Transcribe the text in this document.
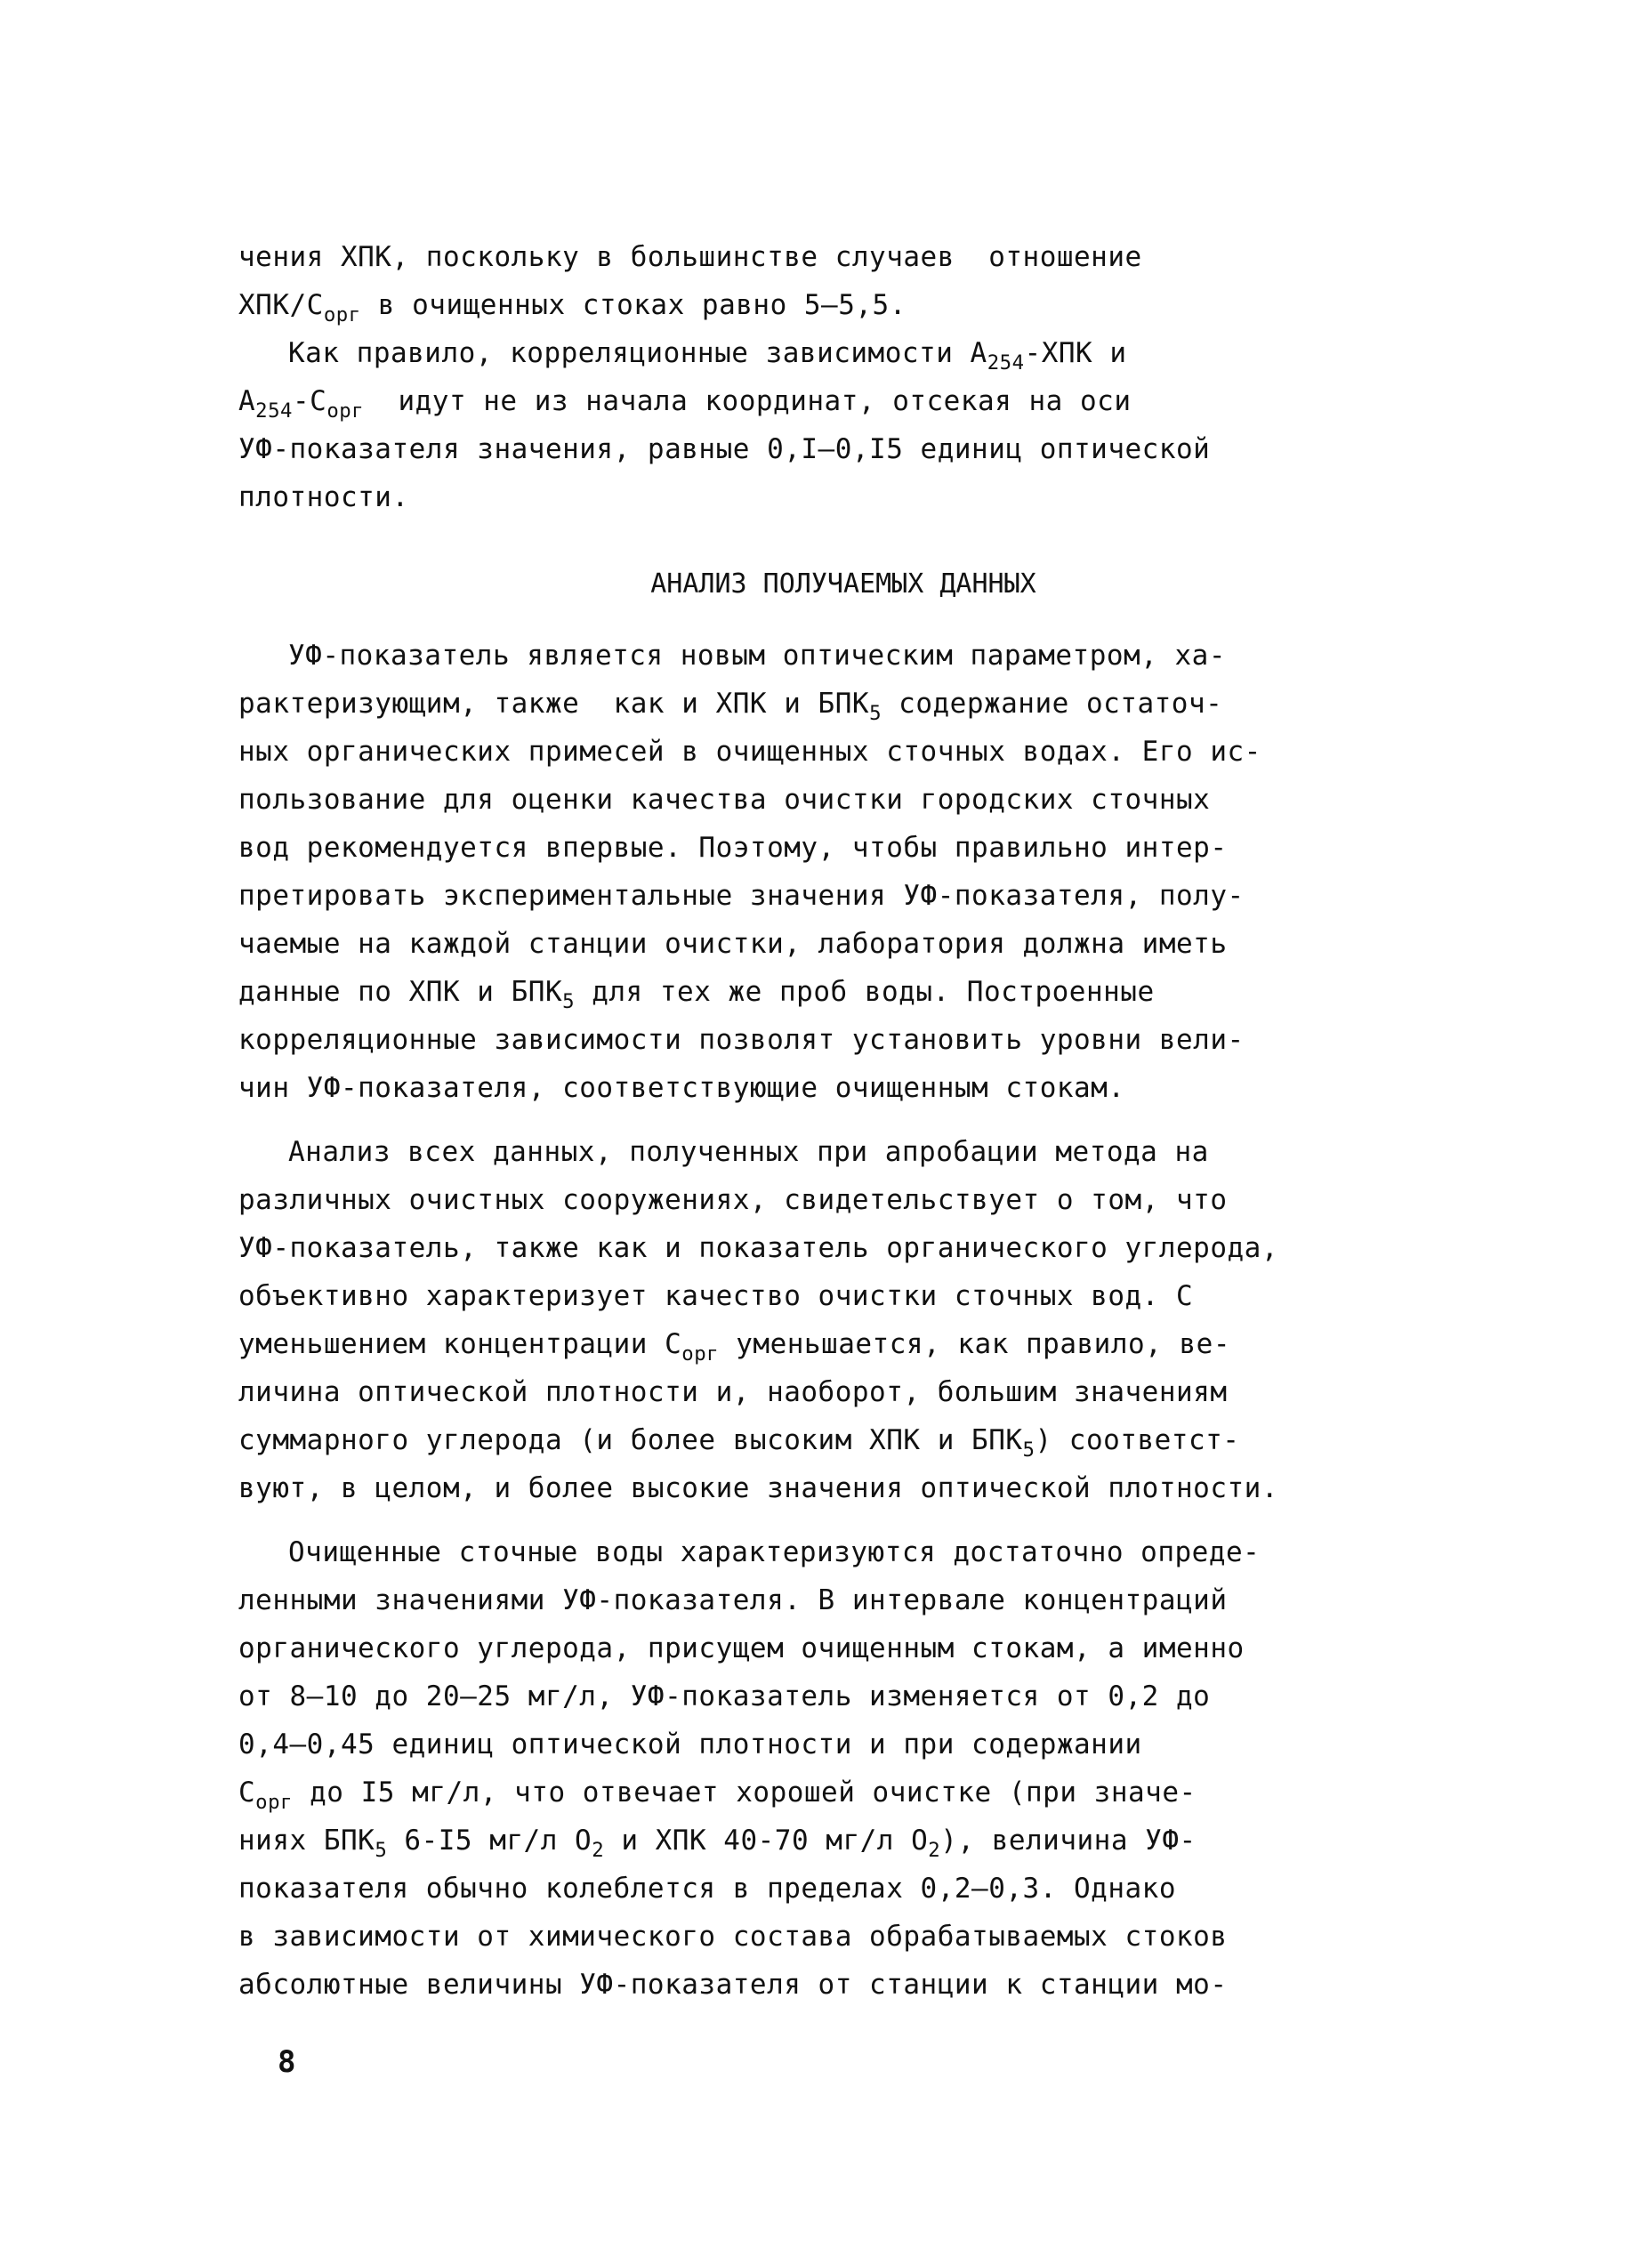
чения ХПК, поскольку в большинстве случаев  отношение
ХПК/$С_{орг}$ в очищенных стоках равно 5–5,5.
Как правило, корреляционные зависимости $А_{254}$-ХПК и
$А_{254}-С_{орг}$  идут не из начала координат, отсекая на оси
УФ-показателя значения, равные 0,I–0,I5 единиц оптической
плотности.
АНАЛИЗ ПОЛУЧАЕМЫХ ДАННЫХ
УФ-показатель является новым оптическим параметром, ха-
рактеризующим, также  как и ХПК и $БПК_5$ содержание остаточ-
ных органических примесей в очищенных сточных водах. Его ис-
пользование для оценки качества очистки городских сточных
вод рекомендуется впервые. Поэтому, чтобы правильно интер-
претировать экспериментальные значения УФ-показателя, полу-
чаемые на каждой станции очистки, лаборатория должна иметь
данные по ХПК и $БПК_5$ для тех же проб воды. Построенные
корреляционные зависимости позволят установить уровни вели-
чин УФ-показателя, соответствующие очищенным стокам.
Анализ всех данных, полученных при апробации метода на
различных очистных сооружениях, свидетельствует о том, что
УФ-показатель, также как и показатель органического углерода,
объективно характеризует качество очистки сточных вод. С
уменьшением концентрации $С_{орг}$ уменьшается, как правило, ве-
личина оптической плотности и, наоборот, большим значениям
суммарного углерода (и более высоким ХПК и $БПК_5$) соответст-
вуют, в целом, и более высокие значения оптической плотности.
Очищенные сточные воды характеризуются достаточно опреде-
ленными значениями УФ-показателя. В интервале концентраций
органического углерода, присущем очищенным стокам, а именно
от 8–10 до 20–25 мг/л, УФ-показатель изменяется от 0,2 до
0,4–0,45 единиц оптической плотности и при содержании
$С_{орг}$ до I5 мг/л, что отвечает хорошей очистке (при значе-
ниях $БПК_5$ 6-I5 мг/л $О_2$ и ХПК 40-70 мг/л $О_2$), величина УФ-
показателя обычно колеблется в пределах 0,2–0,3. Однако
в зависимости от химического состава обрабатываемых стоков
абсолютные величины УФ-показателя от станции к станции мо-
8
